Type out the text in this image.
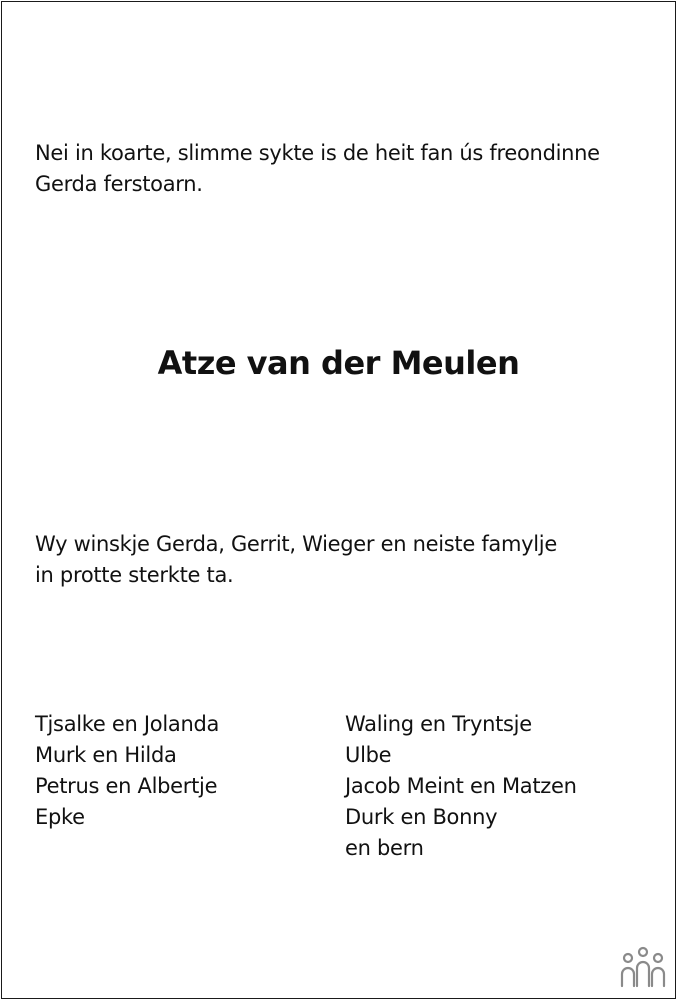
Nei in koarte, slimme sykte is de heit fan ús freondinne
Gerda ferstoarn.
Atze van der Meulen
Wy winskje Gerda, Gerrit, Wieger en neiste famylje
in protte sterkte ta.
Tjsalke en Jolanda
Murk en Hilda
Petrus en Albertje
Epke
Waling en Tryntsje
Ulbe
Jacob Meint en Matzen
Durk en Bonny
en bern
